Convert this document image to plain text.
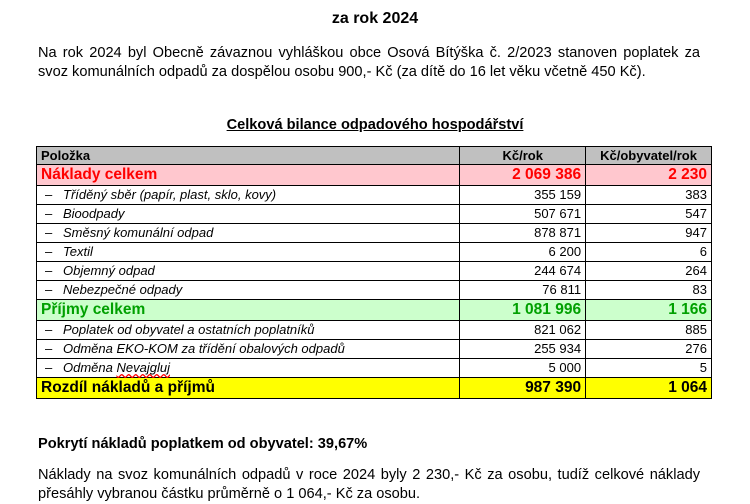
za rok 2024
Na rok 2024 byl Obecně závaznou vyhláškou obce Osová Bítýška č. 2/2023 stanoven poplatek za svoz komunálních odpadů za dospělou osobu 900,- Kč (za dítě do 16 let věku včetně 450 Kč).
Celková bilance odpadového hospodářství
Položka	Kč/rok	Kč/obyvatel/rok
Náklady celkem	2 069 386	2 230
– Tříděný sběr (papír, plast, sklo, kovy)	355 159	383
– Bioodpady	507 671	547
– Směsný komunální odpad	878 871	947
– Textil	6 200	6
– Objemný odpad	244 674	264
– Nebezpečné odpady	76 811	83
Příjmy celkem	1 081 996	1 166
– Poplatek od obyvatel a ostatních poplatníků	821 062	885
– Odměna EKO-KOM za třídění obalových odpadů	255 934	276
– Odměna Nevajgluj	5 000	5
Rozdíl nákladů a příjmů	987 390	1 064
Pokrytí nákladů poplatkem od obyvatel: 39,67%
Náklady na svoz komunálních odpadů v roce 2024 byly 2 230,- Kč za osobu, tudíž celkové náklady přesáhly vybranou částku průměrně o 1 064,- Kč za osobu.
